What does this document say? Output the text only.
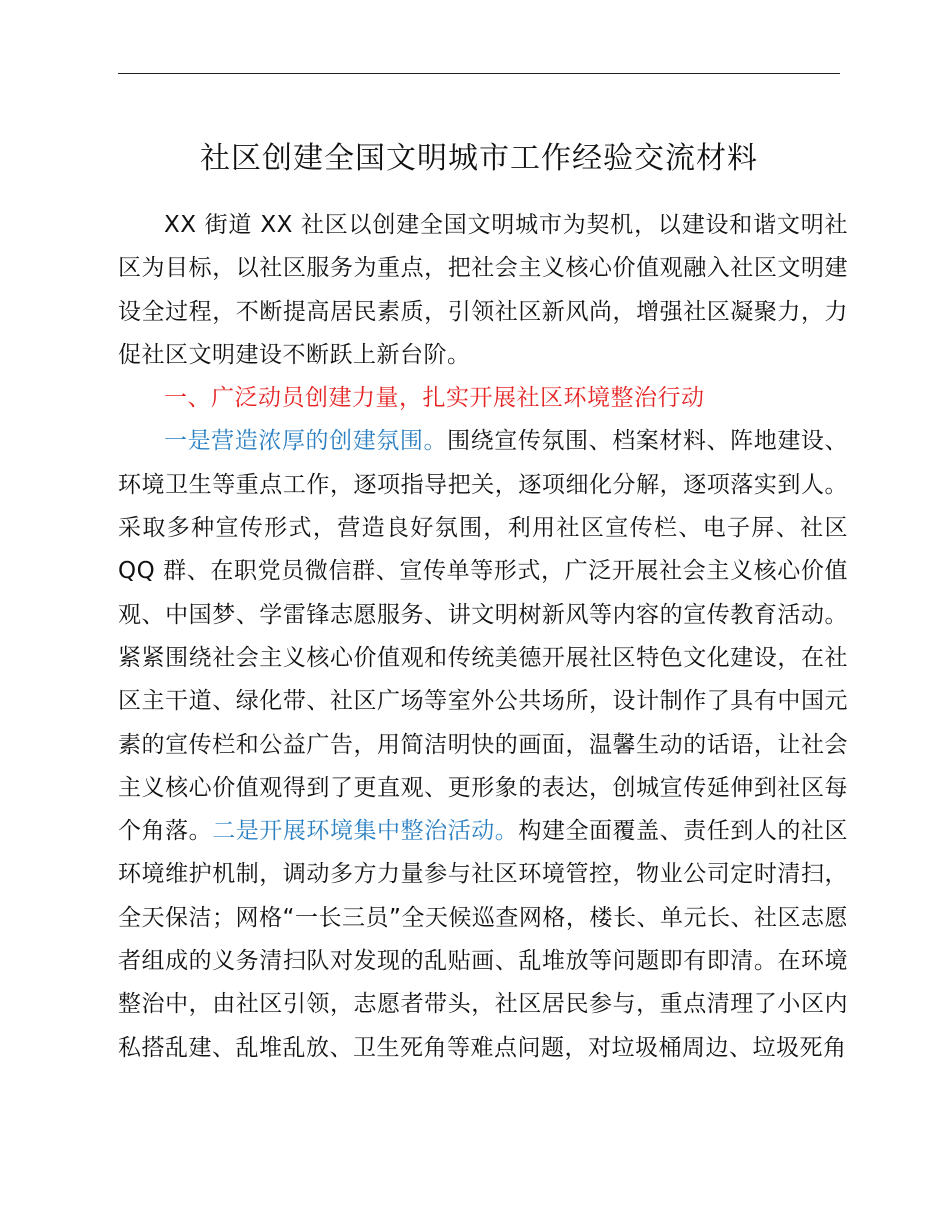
社区创建全国文明城市工作经验交流材料

XX 街道 XX 社区以创建全国文明城市为契机，以建设和谐文明社区为目标，以社区服务为重点，把社会主义核心价值观融入社区文明建设全过程，不断提高居民素质，引领社区新风尚，增强社区凝聚力，力促社区文明建设不断跃上新台阶。

一、广泛动员创建力量，扎实开展社区环境整治行动

一是营造浓厚的创建氛围。围绕宣传氛围、档案材料、阵地建设、环境卫生等重点工作，逐项指导把关，逐项细化分解，逐项落实到人。采取多种宣传形式，营造良好氛围，利用社区宣传栏、电子屏、社区 QQ 群、在职党员微信群、宣传单等形式，广泛开展社会主义核心价值观、中国梦、学雷锋志愿服务、讲文明树新风等内容的宣传教育活动。紧紧围绕社会主义核心价值观和传统美德开展社区特色文化建设，在社区主干道、绿化带、社区广场等室外公共场所，设计制作了具有中国元素的宣传栏和公益广告，用简洁明快的画面，温馨生动的话语，让社会主义核心价值观得到了更直观、更形象的表达，创城宣传延伸到社区每个角落。二是开展环境集中整治活动。构建全面覆盖、责任到人的社区环境维护机制，调动多方力量参与社区环境管控，物业公司定时清扫，全天保洁；网格“一长三员”全天候巡查网格，楼长、单元长、社区志愿者组成的义务清扫队对发现的乱贴画、乱堆放等问题即有即清。在环境整治中，由社区引领，志愿者带头，社区居民参与，重点清理了小区内私搭乱建、乱堆乱放、卫生死角等难点问题，对垃圾桶周边、垃圾死角
